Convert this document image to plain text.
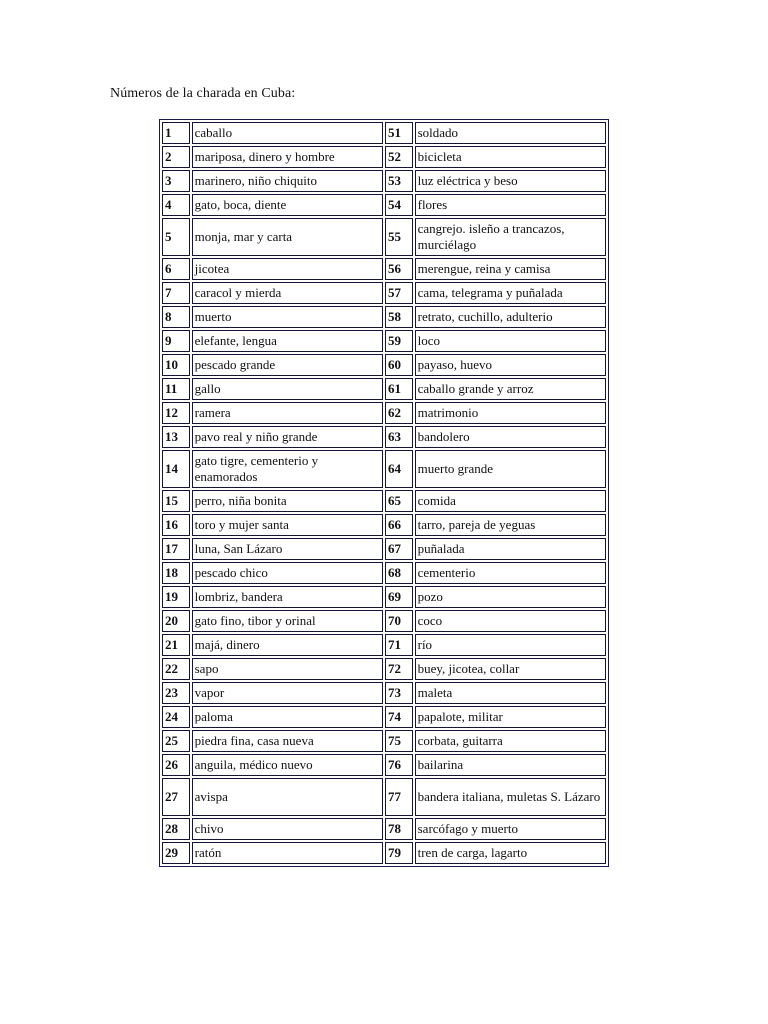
Números de la charada en Cuba:
1	caballo	51	soldado
2	mariposa, dinero y hombre	52	bicicleta
3	marinero, niño chiquito	53	luz eléctrica y beso
4	gato, boca, diente	54	flores
5	monja, mar y carta	55	cangrejo. isleño a trancazos, murciélago
6	jicotea	56	merengue, reina y camisa
7	caracol y mierda	57	cama, telegrama y puñalada
8	muerto	58	retrato, cuchillo, adulterio
9	elefante, lengua	59	loco
10	pescado grande	60	payaso, huevo
11	gallo	61	caballo grande y arroz
12	ramera	62	matrimonio
13	pavo real y niño grande	63	bandolero
14	gato tigre, cementerio y enamorados	64	muerto grande
15	perro, niña bonita	65	comida
16	toro y mujer santa	66	tarro, pareja de yeguas
17	luna, San Lázaro	67	puñalada
18	pescado chico	68	cementerio
19	lombriz, bandera	69	pozo
20	gato fino, tibor y orinal	70	coco
21	majá, dinero	71	río
22	sapo	72	buey, jicotea, collar
23	vapor	73	maleta
24	paloma	74	papalote, militar
25	piedra fina, casa nueva	75	corbata, guitarra
26	anguila, médico nuevo	76	bailarina
27	avispa	77	bandera italiana, muletas S. Lázaro
28	chivo	78	sarcófago y muerto
29	ratón	79	tren de carga, lagarto
